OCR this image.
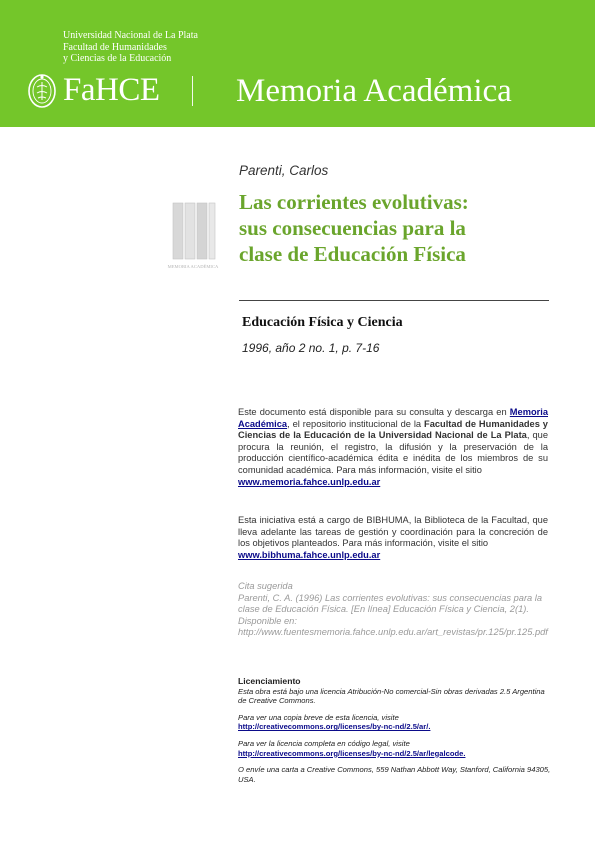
Universidad Nacional de La Plata
Facultad de Humanidades
y Ciencias de la Educación
FaHCE Memoria Académica
MEMORIA ACADÉMICA
Parenti, Carlos
Las corrientes evolutivas:
sus consecuencias para la
clase de Educación Física
Educación Física y Ciencia
1996, año 2 no. 1, p. 7-16
Este documento está disponible para su consulta y descarga en Memoria Académica, el repositorio institucional de la Facultad de Humanidades y Ciencias de la Educación de la Universidad Nacional de La Plata, que procura la reunión, el registro, la difusión y la preservación de la producción científico-académica édita e inédita de los miembros de su comunidad académica. Para más información, visite el sitio
www.memoria.fahce.unlp.edu.ar
Esta iniciativa está a cargo de BIBHUMA, la Biblioteca de la Facultad, que lleva adelante las tareas de gestión y coordinación para la concreción de los objetivos planteados. Para más información, visite el sitio
www.bibhuma.fahce.unlp.edu.ar
Cita sugerida
Parenti, C. A. (1996) Las corrientes evolutivas: sus consecuencias para la clase de Educación Física. [En línea] Educación Física y Ciencia, 2(1). Disponible en: http://www.fuentesmemoria.fahce.unlp.edu.ar/art_revistas/pr.125/pr.125.pdf
Licenciamiento

Esta obra está bajo una licencia Atribución-No comercial-Sin obras derivadas 2.5 Argentina de Creative Commons.

Para ver una copia breve de esta licencia, visite

http://creativecommons.org/licenses/by-nc-nd/2.5/ar/.

Para ver la licencia completa en código legal, visite

http://creativecommons.org/licenses/by-nc-nd/2.5/ar/legalcode.

O envíe una carta a Creative Commons, 559 Nathan Abbott Way, Stanford, California 94305, USA.
